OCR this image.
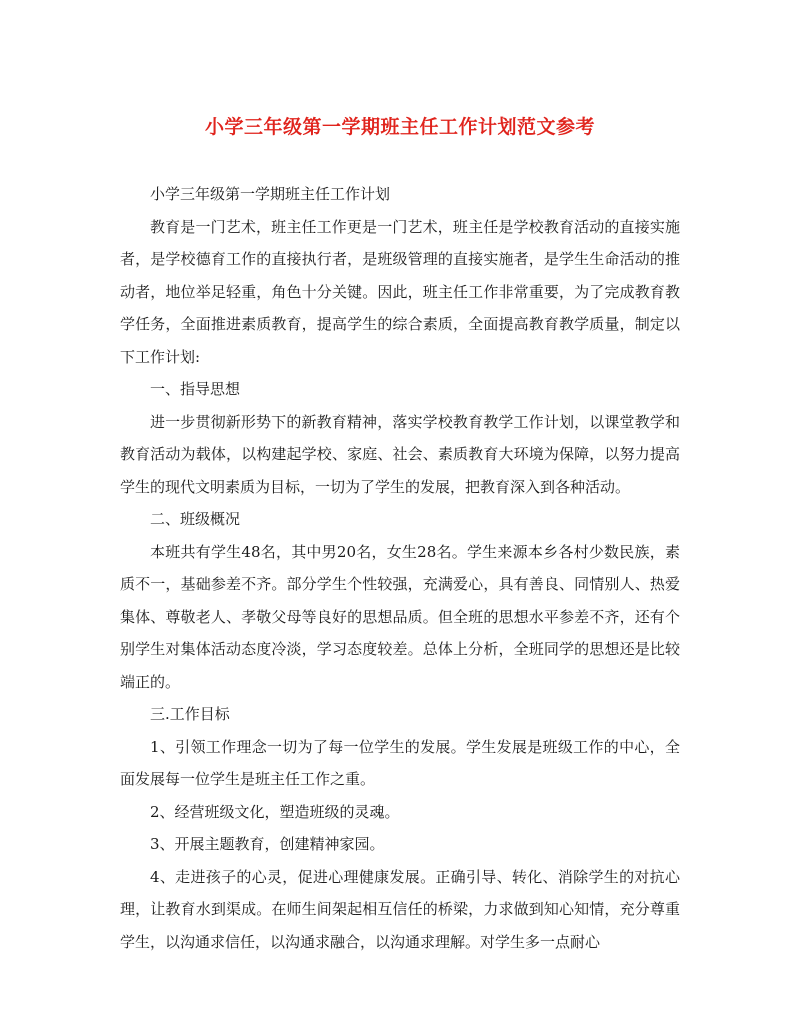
小学三年级第一学期班主任工作计划范文参考

小学三年级第一学期班主任工作计划

教育是一门艺术，班主任工作更是一门艺术，班主任是学校教育活动的直接实施者，是学校德育工作的直接执行者，是班级管理的直接实施者，是学生生命活动的推动者，地位举足轻重，角色十分关键。因此，班主任工作非常重要，为了完成教育教学任务，全面推进素质教育，提高学生的综合素质，全面提高教育教学质量，制定以下工作计划:

一、指导思想

进一步贯彻新形势下的新教育精神，落实学校教育教学工作计划，以课堂教学和教育活动为载体，以构建起学校、家庭、社会、素质教育大环境为保障，以努力提高学生的现代文明素质为目标，一切为了学生的发展，把教育深入到各种活动。

二、班级概况

本班共有学生48名，其中男20名，女生28名。学生来源本乡各村少数民族，素质不一，基础参差不齐。部分学生个性较强，充满爱心，具有善良、同情别人、热爱集体、尊敬老人、孝敬父母等良好的思想品质。但全班的思想水平参差不齐，还有个别学生对集体活动态度冷淡，学习态度较差。总体上分析，全班同学的思想还是比较端正的。

三.工作目标

1、引领工作理念一切为了每一位学生的发展。学生发展是班级工作的中心，全面发展每一位学生是班主任工作之重。

2、经营班级文化，塑造班级的灵魂。

3、开展主题教育，创建精神家园。

4、走进孩子的心灵，促进心理健康发展。正确引导、转化、消除学生的对抗心理，让教育水到渠成。在师生间架起相互信任的桥梁，力求做到知心知情，充分尊重学生，以沟通求信任，以沟通求融合，以沟通求理解。对学生多一点耐心
